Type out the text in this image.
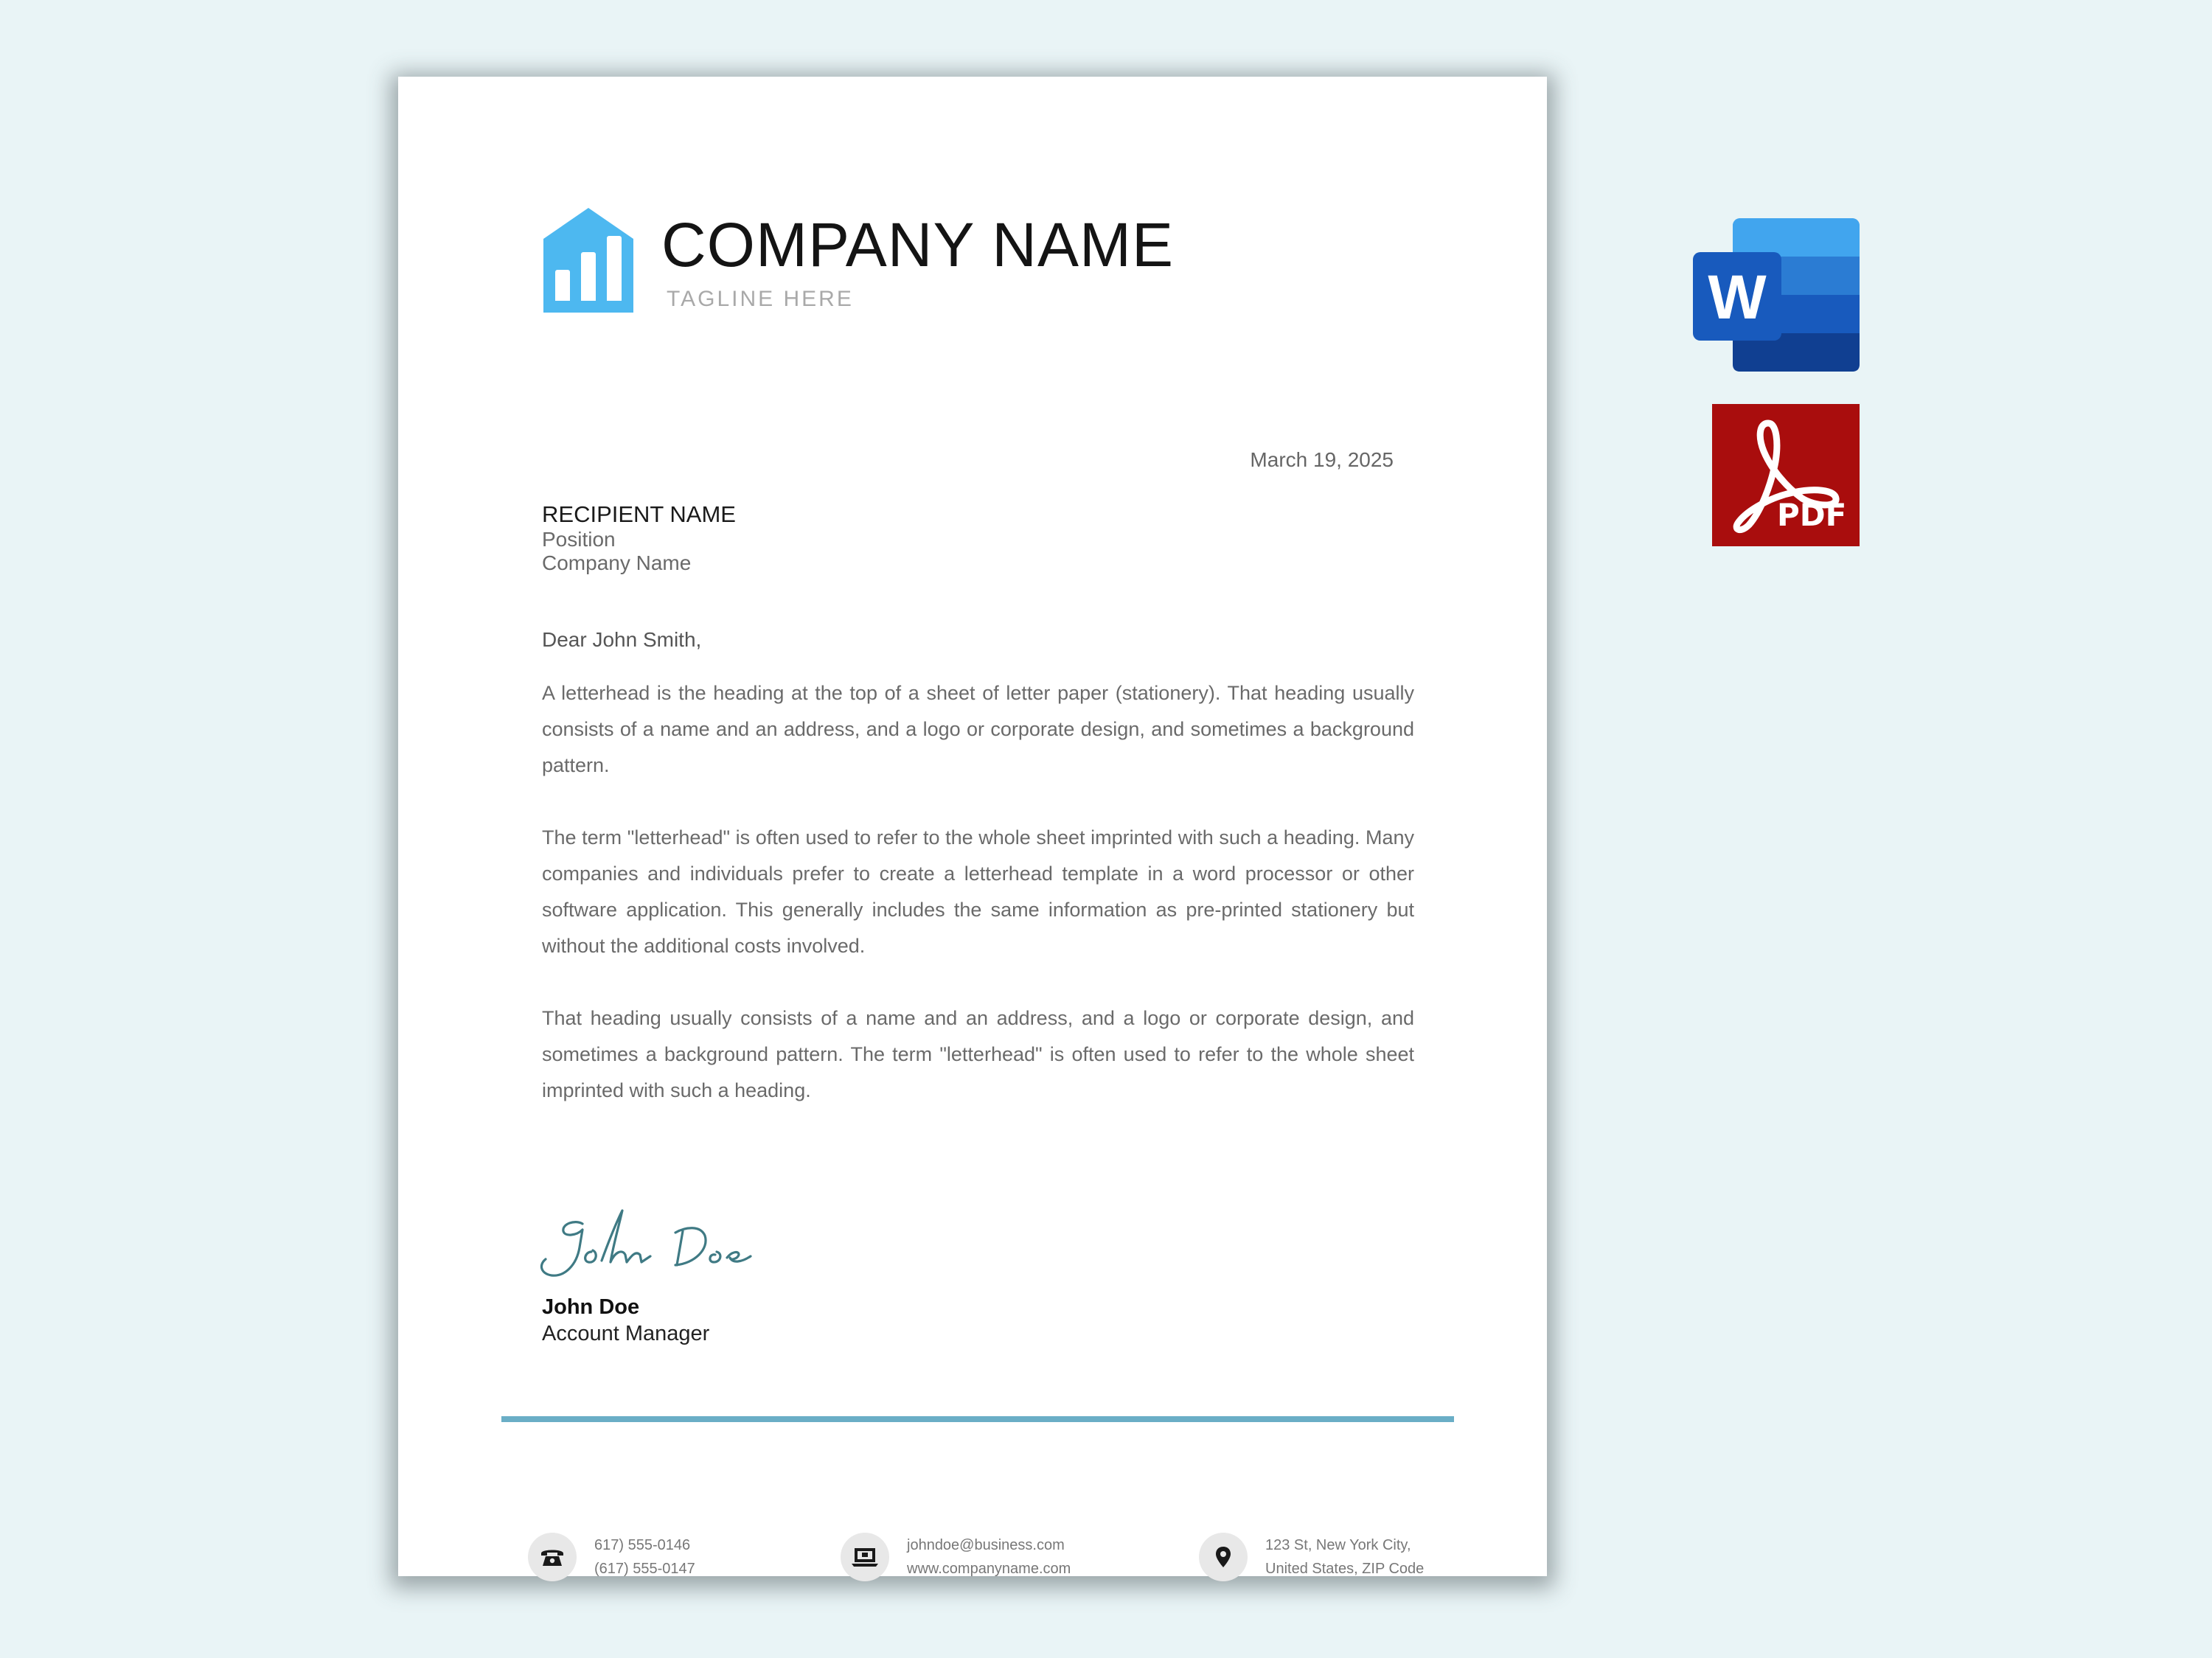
COMPANY NAME
TAGLINE HERE
March 19, 2025
RECIPIENT NAME
Position
Company Name
Dear John Smith,

A letterhead is the heading at the top of a sheet of letter paper (stationery). That heading usually consists of a name and an address, and a logo or corporate design, and sometimes a background pattern.

The term "letterhead" is often used to refer to the whole sheet imprinted with such a heading. Many companies and individuals prefer to create a letterhead template in a word processor or other software application. This generally includes the same information as pre-printed stationery but without the additional costs involved.

That heading usually consists of a name and an address, and a logo or corporate design, and sometimes a background pattern. The term "letterhead" is often used to refer to the whole sheet imprinted with such a heading.

John Doe
Account Manager
617) 555-0146
(617) 555-0147
johndoe@business.com
www.companyname.com
123 St, New York City,
United States, ZIP Code
W
PDF
